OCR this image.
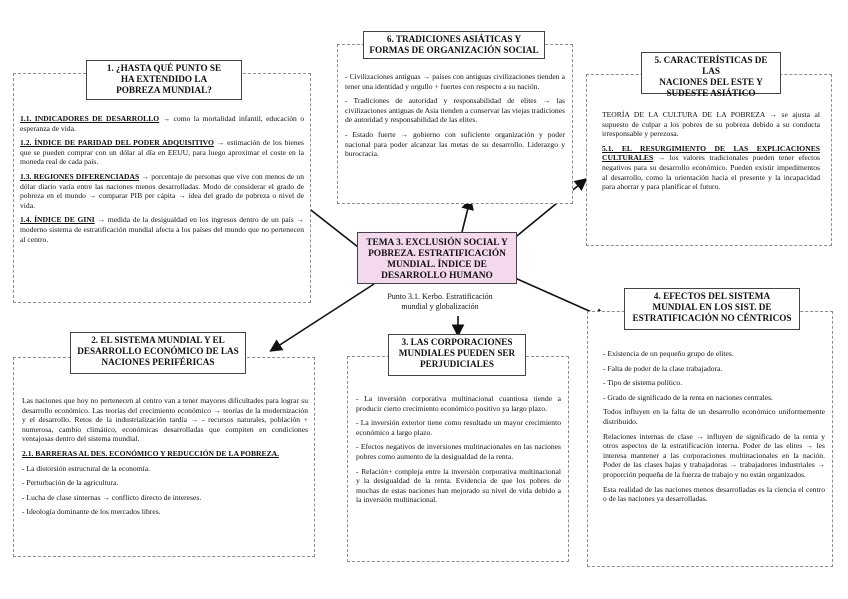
1. ¿HASTA QUÉ PUNTO SE
HA EXTENDIDO LA
POBREZA MUNDIAL?

1.1. INDICADORES DE DESARROLLO → como la mortalidad infantil, educación o esperanza de vida.

1.2. ÍNDICE DE PARIDAD DEL PODER ADQUISITIVO → estimación de los bienes que se pueden comprar con un dólar al día en EEUU, para luego aproximar el coste en la moneda real de cada país.

1.3. REGIONES DIFERENCIADAS → porcentaje de personas que vive con menos de un dólar diario varía entre las naciones menos desarrolladas. Modo de considerar el grado de pobreza en el mundo → comparar PIB per cápita → idea del grado de pobreza o nivel de vida.

1.4. ÍNDICE DE GINI → medida de la desigualdad en los ingresos dentro de un país → moderno sistema de estratificación mundial afecta a los países del mundo que no pertenecen al centro.

6. TRADICIONES ASIÁTICAS Y
FORMAS DE ORGANIZACIÓN SOCIAL

- Civilizaciones antiguas → países con antiguas civilizaciones tienden a tener una identidad y orgullo + fuertes con respecto a su nación.

- Tradiciones de autoridad y responsabilidad de elites → las civilizaciones antiguas de Asia tienden a conservar las viejas tradiciones de autoridad y responsabilidad de las elites.

- Estado fuerte → gobierno con suficiente organización y poder nacional para poder alcanzar las metas de su desarrollo. Liderazgo y burocracia.

5. CARACTERÍSTICAS DE LAS
NACIONES DEL ESTE Y
SUDESTE ASIÁTICO

TEORÍA DE LA CULTURA DE LA POBREZA → se ajusta al supuesto de culpar a los pobres de su pobreza debido a su conducta irresponsable y perezosa.

5.1. EL RESURGIMIENTO DE LAS EXPLICACIONES CULTURALES → los valores tradicionales pueden tener efectos negativos para su desarrollo económico. Pueden existir impedimentos al desarrollo, como la orientación hacia el presente y la incapacidad para ahorrar y para planificar el futuro.

TEMA 3. EXCLUSIÓN SOCIAL Y POBREZA. ESTRATIFICACIÓN MUNDIAL. ÍNDICE DE DESARROLLO HUMANO
Punto 3.1. Kerbo. Estratificación mundial y globalización
2. EL SISTEMA MUNDIAL Y EL
DESARROLLO ECONÓMICO DE LAS
NACIONES PERIFÉRICAS

Las naciones que hoy no pertenecen al centro van a tener mayores dificultades para lograr su desarrollo económico. Las teorías del crecimiento económico → teorías de la modernización y el desarrollo. Retos de la industrialización tardía → - recursos naturales, población + numerosa, cambio climático, económicas desarrolladas que compiten en condiciones ventajosas dentro del sistema mundial.

2.1. BARRERAS AL DES. ECONÓMICO Y REDUCCIÓN DE LA POBREZA.

- La distorsión estructural de la economía.

- Perturbación de la agricultura.

- Lucha de clase sinternas → conflicto directo de intereses.

- Ideología dominante de los mercados libres.

3. LAS CORPORACIONES
MUNDIALES PUEDEN SER
PERJUDICIALES

- La inversión corporativa multinacional cuantiosa tiende a producir cierto crecimiento económico positivo ya largo plazo.

- La inversión exterior tiene como resultado un mayor crecimiento económico a largo plazo.

- Efectos negativos de inversiones multinacionales en las naciones pobres como aumento de la desigualdad de la renta.

- Relación+ compleja entre la inversión corporativa multinacional y la desigualdad de la renta. Evidencia de que los pobres de muchas de estas naciones han mejorado su nivel de vida debido a la inversión multinacional.

4. EFECTOS DEL SISTEMA
MUNDIAL EN LOS SIST. DE
ESTRATIFICACIÓN NO CÉNTRICOS

- Existencia de un pequeño grupo de elites.

- Falta de poder de la clase trabajadora.

- Tipo de sistema político.

- Grado de significado de la renta en naciones centrales.

Todos influyen en la falta de un desarrollo económico uniformemente distribuido.

Relaciones internas de clase → influyen de significado de la renta y otros aspectos de la estratificación interna. Poder de las elites → les interesa mantener a las corporaciones multinacionales en la nación. Poder de las clases bajas y trabajadoras → trabajadores industriales → proporción pequeña de la fuerza de trabajo y no están organizados.

Esta realidad de las naciones menos desarrolladas es la ciencia el centro o de las naciones ya desarrolladas.
